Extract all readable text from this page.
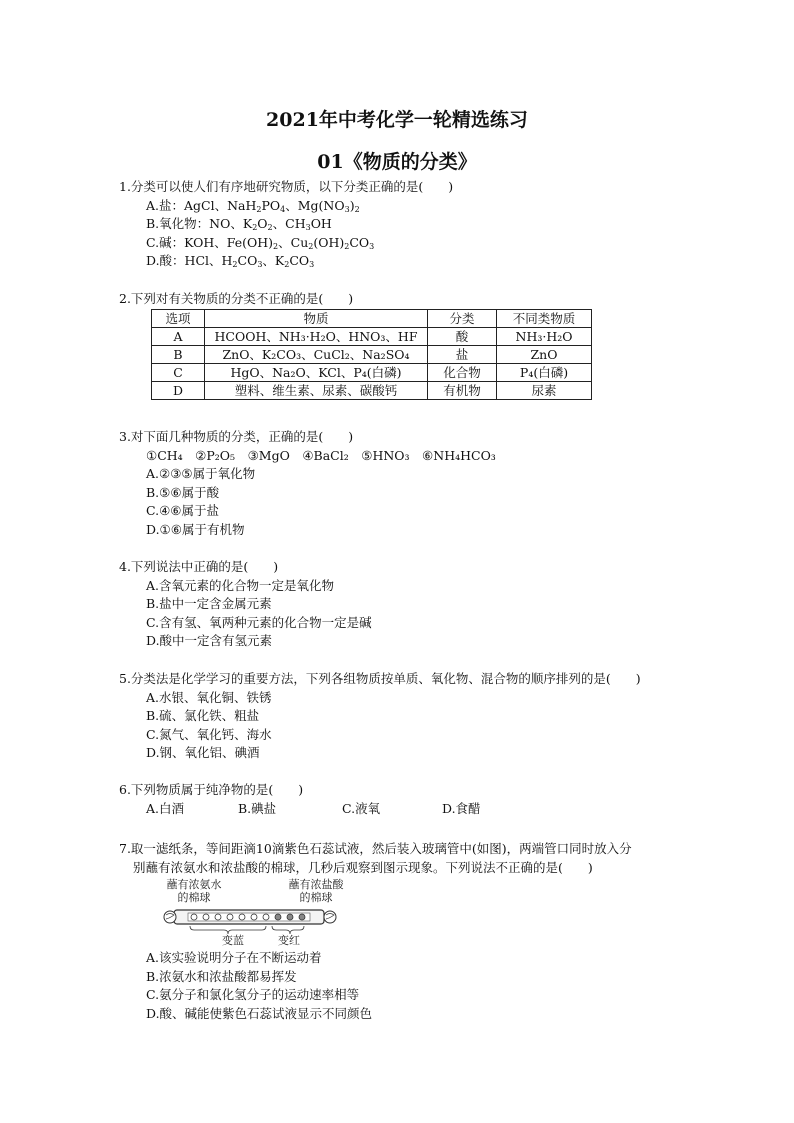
2021年中考化学一轮精选练习
01《物质的分类》
1.分类可以使人们有序地研究物质，以下分类正确的是(　　)
A.盐：AgCl、$NaH_2PO_4$、$Mg(NO_3)_2$
B.氧化物：NO、$K_2O_2$、$CH_3OH$
C.碱：KOH、$Fe(OH)_2$、$Cu_2(OH)_2CO_3$
D.酸：HCl、$H_2CO_3$、$K_2CO_3$
2.下列对有关物质的分类不正确的是(　　)
选项	物质	分类	不同类物质
A	HCOOH、NH₃·H₂O、HNO₃、HF	酸	NH₃·H₂O
B	ZnO、K₂CO₃、CuCl₂、Na₂SO₄	盐	ZnO
C	HgO、Na₂O、KCl、P₄(白磷)	化合物	P₄(白磷)
D	塑料、维生素、尿素、碳酸钙	有机物	尿素
3.对下面几种物质的分类，正确的是(　　)
①CH₄　②P₂O₅　③MgO　④BaCl₂　⑤HNO₃　⑥NH₄HCO₃
A.②③⑤属于氧化物
B.⑤⑥属于酸
C.④⑥属于盐
D.①⑥属于有机物
4.下列说法中正确的是(　　)
A.含氧元素的化合物一定是氧化物
B.盐中一定含金属元素
C.含有氢、氧两种元素的化合物一定是碱
D.酸中一定含有氢元素
5.分类法是化学学习的重要方法，下列各组物质按单质、氧化物、混合物的顺序排列的是(　　)
A.水银、氧化铜、铁锈
B.硫、氯化铁、粗盐
C.氮气、氧化钙、海水
D.钢、氧化铝、碘酒
6.下列物质属于纯净物的是(　　)
A.白酒	B.碘盐	C.液氧	D.食醋
7.取一滤纸条，等间距滴10滴紫色石蕊试液，然后装入玻璃管中(如图)，两端管口同时放入分
别蘸有浓氨水和浓盐酸的棉球，几秒后观察到图示现象。下列说法不正确的是(　　)
蘸有浓氨水的棉球
蘸有浓盐酸的棉球
变蓝	变红
A.该实验说明分子在不断运动着
B.浓氨水和浓盐酸都易挥发
C.氨分子和氯化氢分子的运动速率相等
D.酸、碱能使紫色石蕊试液显示不同颜色
